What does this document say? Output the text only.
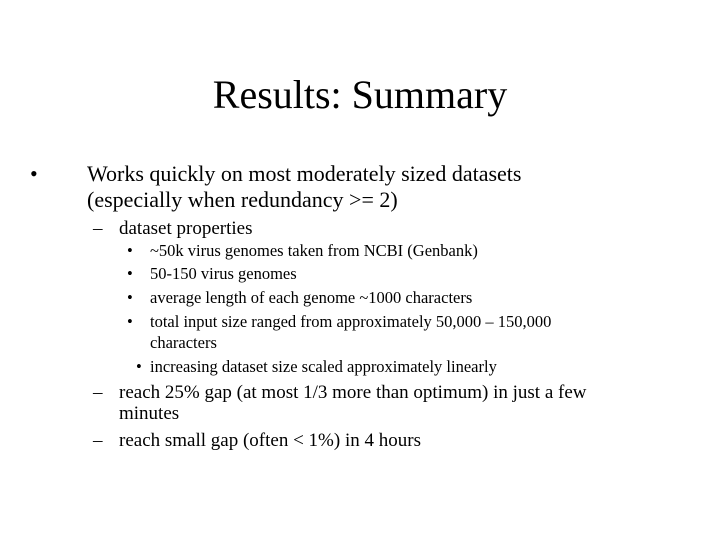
Results: Summary
• Works quickly on most moderately sized datasets
(especially when redundancy >= 2)
– dataset properties
• ~50k virus genomes taken from NCBI (Genbank)
• 50-150 virus genomes
• average length of each genome ~1000 characters
• total input size ranged from approximately 50,000 – 150,000
characters
• increasing dataset size scaled approximately linearly
– reach 25% gap (at most 1/3 more than optimum) in just a few
minutes
– reach small gap (often < 1%) in 4 hours
